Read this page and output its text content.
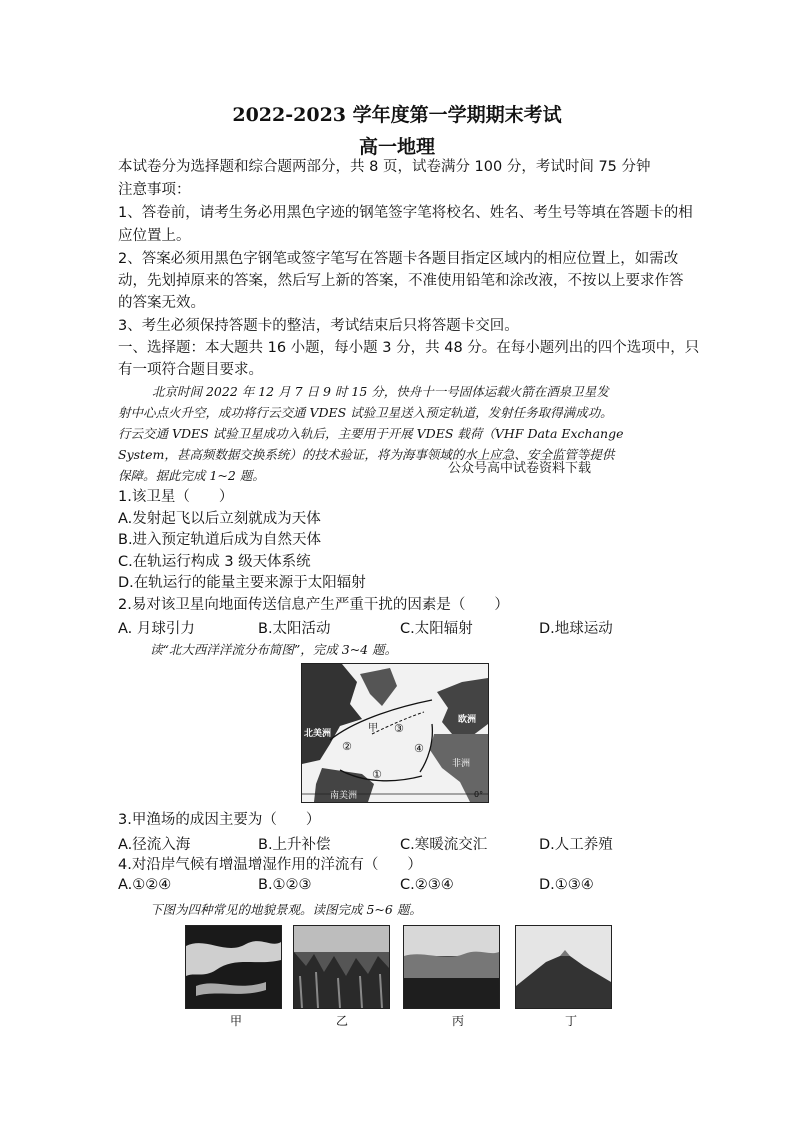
2022-2023 学年度第一学期期末考试
高一地理
本试卷分为选择题和综合题两部分，共 8 页，试卷满分 100 分，考试时间 75 分钟
注意事项：
1、答卷前，请考生务必用黑色字迹的钢笔签字笔将校名、姓名、考生号等填在答题卡的相
应位置上。
2、答案必须用黑色字钢笔或签字笔写在答题卡各题目指定区域内的相应位置上，如需改
动，先划掉原来的答案，然后写上新的答案，不准使用铅笔和涂改液，不按以上要求作答
的答案无效。
3、考生必须保持答题卡的整洁，考试结束后只将答题卡交回。
一、选择题：本大题共 16 小题，每小题 3 分，共 48 分。在每小题列出的四个选项中，只
有一项符合题目要求。
北京时间 2022 年 12 月 7 日 9 时 15 分，快舟十一号固体运载火箭在酒泉卫星发
射中心点火升空，成功将行云交通 VDES 试验卫星送入预定轨道，发射任务取得满成功。
行云交通 VDES 试验卫星成功入轨后，主要用于开展 VDES 载荷（VHF Data Exchange
System，甚高频数据交换系统）的技术验证，将为海事领域的水上应急、安全监管等提供
保障。据此完成 1~2 题。	公众号高中试卷资料下载
1.该卫星（　　）
A.发射起飞以后立刻就成为天体
B.进入预定轨道后成为自然天体
C.在轨运行构成 3 级天体系统
D.在轨运行的能量主要来源于太阳辐射
2.易对该卫星向地面传送信息产生严重干扰的因素是（　　）
A. 月球引力	B.太阳活动	C.太阳辐射	D.地球运动
读“北大西洋洋流分布简图”，完成 3~4 题。
北美洲
欧洲
非洲
南美洲
甲
①
②
③
④
0°
3.甲渔场的成因主要为（　　）
A.径流入海	B.上升补偿	C.寒暖流交汇	D.人工养殖
4.对沿岸气候有增温增湿作用的洋流有（　　）
A.①②④	B.①②③	C.②③④	D.①③④
下图为四种常见的地貌景观。读图完成 5~6 题。
甲	乙	丙	丁
